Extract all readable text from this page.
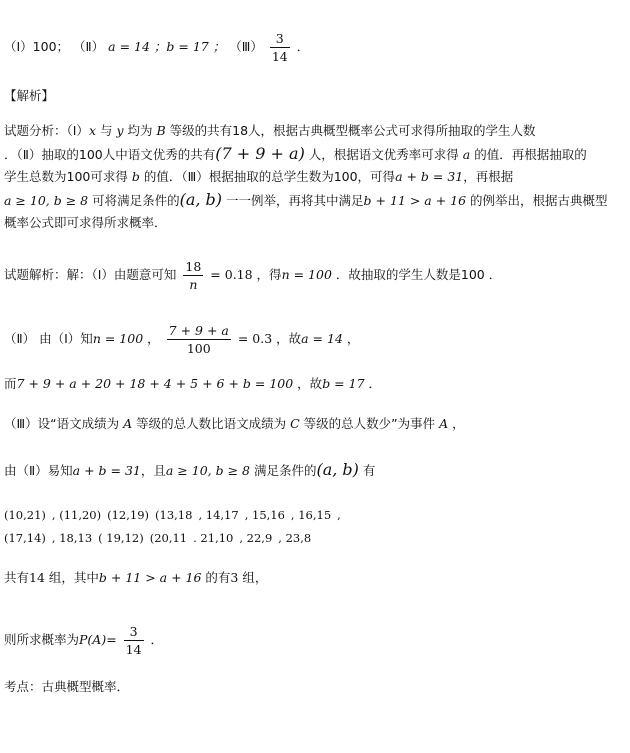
（Ⅰ）100； （Ⅱ） a = 14 ；b = 17 ； （Ⅲ） $\frac{3}{14}$ ．
【解析】
试题分析：（Ⅰ）x 与 y 均为 B 等级的共有18人，根据古典概型概率公式可求得所抽取的学生人数
．（Ⅱ）抽取的100人中语文优秀的共有(7 + 9 + a) 人，根据语文优秀率可求得 a 的值．再根据抽取的
学生总数为100可求得 b 的值．（Ⅲ）根据抽取的总学生数为100，可得a + b = 31，再根据
a ≥ 10, b ≥ 8 可将满足条件的(a, b) 一一例举，再将其中满足b + 11 > a + 16 的例举出，根据古典概型
概率公式即可求得所求概率．
试题解析：解：（Ⅰ）由题意可知 $\frac{18}{n} = 0.18$ ，得n = 100 ．故抽取的学生人数是100 ．
（Ⅱ） 由（Ⅰ）知n = 100 ， $\frac{7 + 9 + a}{100} = 0.3$ ，故a = 14 ，
而7 + 9 + a + 20 + 18 + 4 + 5 + 6 + b = 100 ，故b = 17 ．
（Ⅲ）设“语文成绩为 A 等级的总人数比语文成绩为 C 等级的总人数少”为事件 A ，
由（Ⅱ）易知a + b = 31，且a ≥ 10, b ≥ 8 满足条件的(a, b) 有
(10,21) , (11,20) (12,19) (13,18 , 14,17 , 15,16 , 16,15 ,
(17,14) , 18,13 ( 19,12) (20,11 . 21,10 , 22,9 , 23,8
共有14 组，其中b + 11 > a + 16 的有3 组，
则所求概率为$P(A)= \frac{3}{14}$ ．
考点：古典概型概率．
